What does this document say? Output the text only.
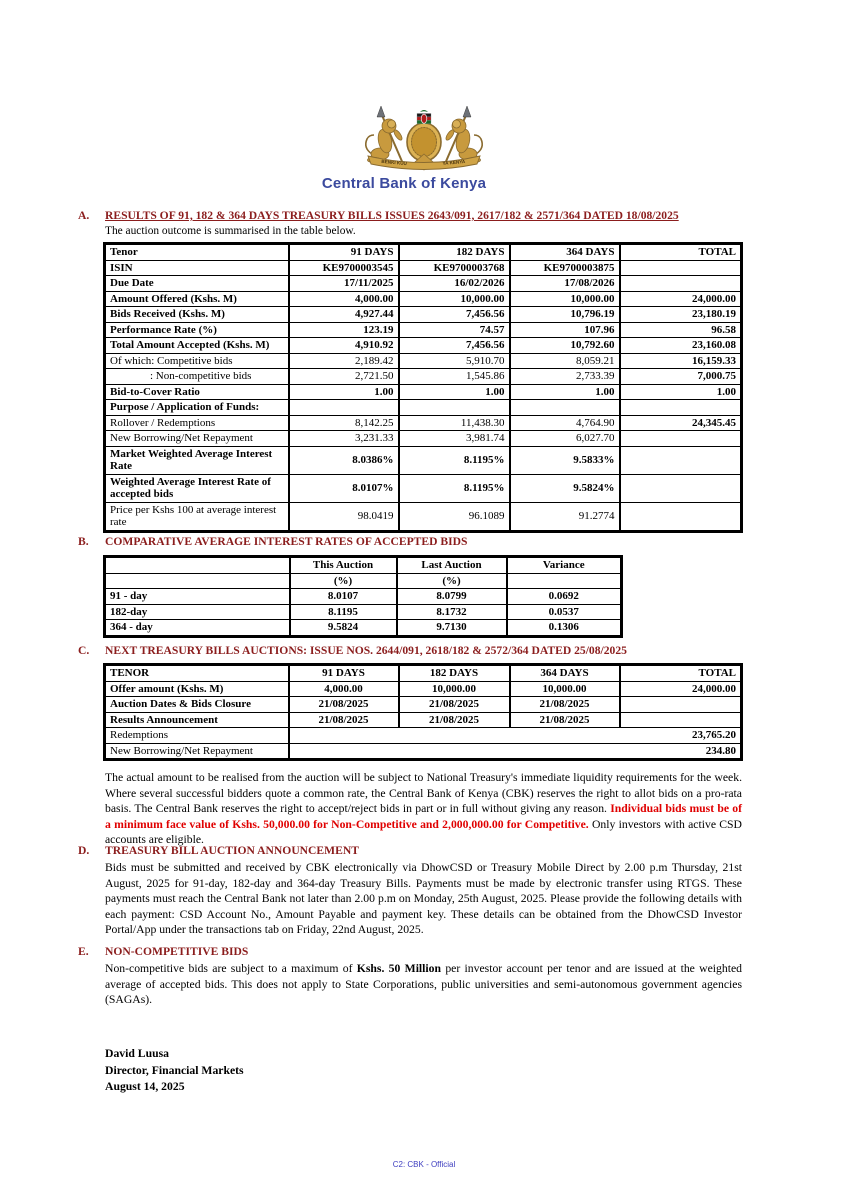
BENKI KUU	YA KENYA
Central Bank of Kenya
A.	RESULTS OF 91, 182 & 364 DAYS TREASURY BILLS ISSUES 2643/091, 2617/182 & 2571/364 DATED 18/08/2025
The auction outcome is summarised in the table below.
Tenor	91 DAYS	182 DAYS	364 DAYS	TOTAL
ISIN	KE9700003545	KE9700003768	KE9700003875	
Due Date	17/11/2025	16/02/2026	17/08/2026	
Amount Offered (Kshs. M)	4,000.00	10,000.00	10,000.00	24,000.00
Bids Received (Kshs. M)	4,927.44	7,456.56	10,796.19	23,180.19
Performance Rate (%)	123.19	74.57	107.96	96.58
Total Amount Accepted (Kshs. M)	4,910.92	7,456.56	10,792.60	23,160.08
Of which: Competitive bids	2,189.42	5,910.70	8,059.21	16,159.33
: Non-competitive bids	2,721.50	1,545.86	2,733.39	7,000.75
Bid-to-Cover Ratio	1.00	1.00	1.00	1.00
Purpose / Application of Funds:				
Rollover / Redemptions	8,142.25	11,438.30	4,764.90	24,345.45
New Borrowing/Net Repayment	3,231.33	3,981.74	6,027.70	
Market Weighted Average Interest Rate	8.0386%	8.1195%	9.5833%	
Weighted Average Interest Rate of accepted bids	8.0107%	8.1195%	9.5824%	
Price per Kshs 100 at average interest rate	98.0419	96.1089	91.2774	
B.	COMPARATIVE AVERAGE INTEREST RATES OF ACCEPTED BIDS
	This Auction	Last Auction	Variance
	(%)	(%)	
91 - day	8.0107	8.0799	0.0692
182-day	8.1195	8.1732	0.0537
364 - day	9.5824	9.7130	0.1306
C.	NEXT TREASURY BILLS AUCTIONS: ISSUE NOS. 2644/091, 2618/182 & 2572/364 DATED 25/08/2025
TENOR	91 DAYS	182 DAYS	364 DAYS	TOTAL
Offer amount (Kshs. M)	4,000.00	10,000.00	10,000.00	24,000.00
Auction Dates & Bids Closure	21/08/2025	21/08/2025	21/08/2025	
Results Announcement	21/08/2025	21/08/2025	21/08/2025	
Redemptions	23,765.20			
New Borrowing/Net Repayment	234.80			

The actual amount to be realised from the auction will be subject to National Treasury's immediate liquidity requirements for the week. Where several successful bidders quote a common rate, the Central Bank of Kenya (CBK) reserves the right to allot bids on a pro-rata basis. The Central Bank reserves the right to accept/reject bids in part or in full without giving any reason. Individual bids must be of a minimum face value of Kshs. 50,000.00 for Non-Competitive and 2,000,000.00 for Competitive. Only investors with active CSD accounts are eligible.

D.	TREASURY BILL AUCTION ANNOUNCEMENT

Bids must be submitted and received by CBK electronically via DhowCSD or Treasury Mobile Direct by 2.00 p.m Thursday, 21st August, 2025 for 91-day, 182-day and 364-day Treasury Bills. Payments must be made by electronic transfer using RTGS. These payments must reach the Central Bank not later than 2.00 p.m on Monday, 25th August, 2025. Please provide the following details with each payment: CSD Account No., Amount Payable and payment key. These details can be obtained from the DhowCSD Investor Portal/App under the transactions tab on Friday, 22nd August, 2025.

E.	NON-COMPETITIVE BIDS

Non-competitive bids are subject to a maximum of Kshs. 50 Million per investor account per tenor and are issued at the weighted average of accepted bids. This does not apply to State Corporations, public universities and semi-autonomous government agencies (SAGAs).

David Luusa
Director, Financial Markets
August 14, 2025
C2: CBK - Official
